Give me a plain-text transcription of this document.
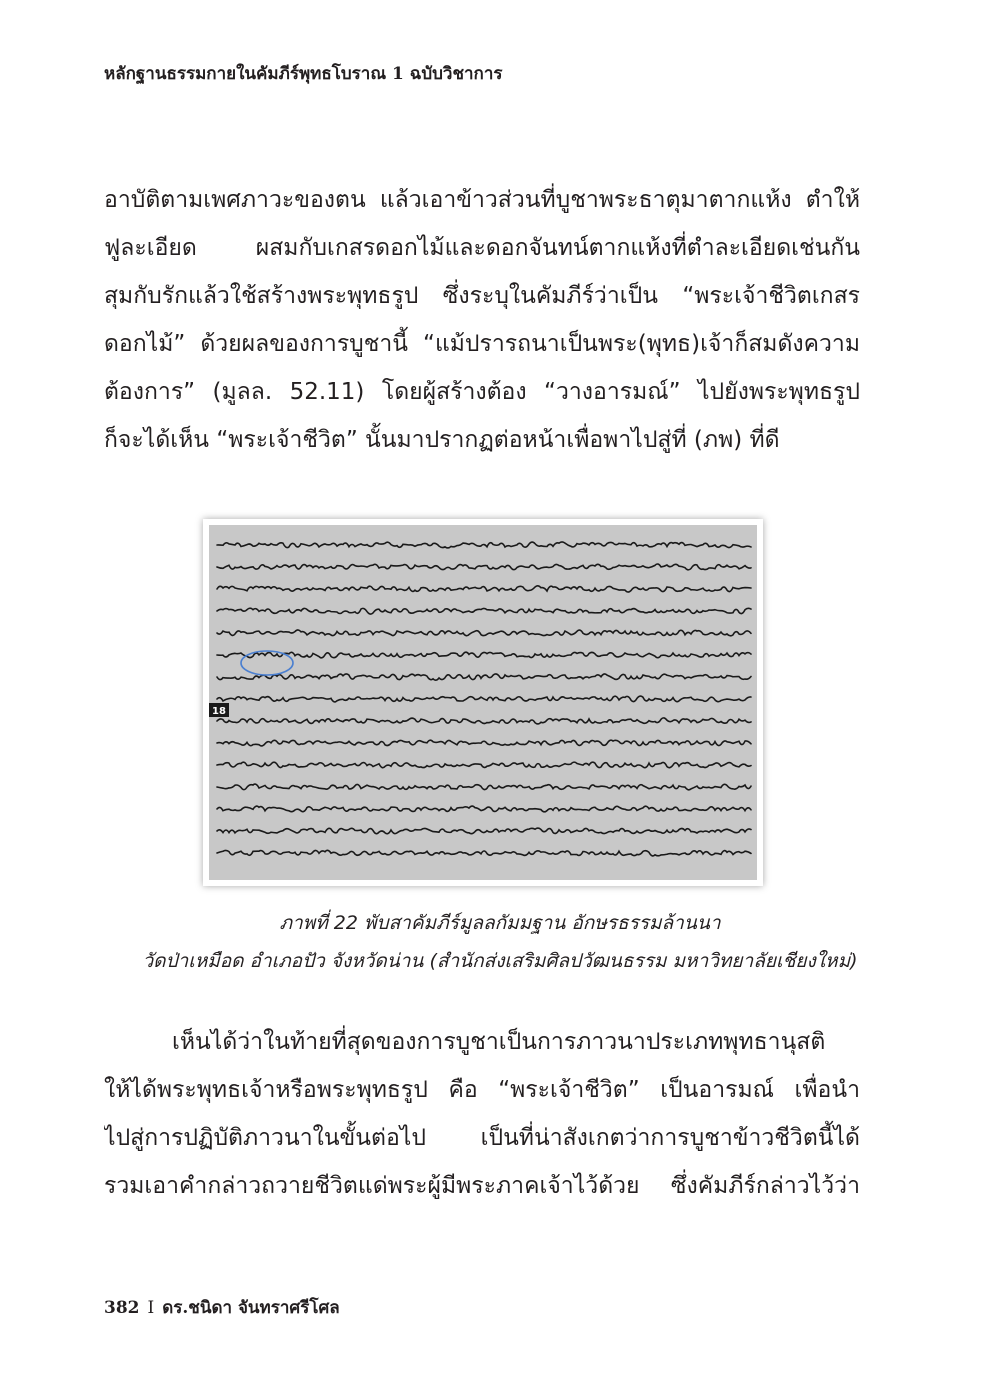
หลักฐานธรรมกายในคัมภีร์พุทธโบราณ 1 ฉบับวิชาการ
อาบัติตามเพศภาวะของตน แล้วเอาข้าวส่วนที่บูชาพระธาตุมาตากแห้ง ตำให้
ฟูละเอียด ผสมกับเกสรดอกไม้และดอกจันทน์ตากแห้งที่ตำละเอียดเช่นกัน
สุมกับรักแล้วใช้สร้างพระพุทธรูป ซึ่งระบุในคัมภีร์ว่าเป็น “พระเจ้าชีวิตเกสร
ดอกไม้” ด้วยผลของการบูชานี้ “แม้ปรารถนาเป็นพระ(พุทธ)เจ้าก็สมดังความ
ต้องการ” (มูลล. 52.11) โดยผู้สร้างต้อง “วางอารมณ์” ไปยังพระพุทธรูป
ก็จะได้เห็น “พระเจ้าชีวิต” นั้นมาปรากฏต่อหน้าเพื่อพาไปสู่ที่ (ภพ) ที่ดี
18
ภาพที่ 22 พับสาคัมภีร์มูลลกัมมฐาน อักษรธรรมล้านนา
วัดป่าเหมือด อำเภอปัว จังหวัดน่าน (สำนักส่งเสริมศิลปวัฒนธรรม มหาวิทยาลัยเชียงใหม่)
เห็นได้ว่าในท้ายที่สุดของการบูชาเป็นการภาวนาประเภทพุทธานุสติ
ให้ได้พระพุทธเจ้าหรือพระพุทธรูป คือ “พระเจ้าชีวิต” เป็นอารมณ์ เพื่อนำ
ไปสู่การปฏิบัติภาวนาในขั้นต่อไป เป็นที่น่าสังเกตว่าการบูชาข้าวชีวิตนี้ได้
รวมเอาคำกล่าวถวายชีวิตแด่พระผู้มีพระภาคเจ้าไว้ด้วย ซึ่งคัมภีร์กล่าวไว้ว่า
382 I ดร.ชนิดา จันทราศรีโศล
